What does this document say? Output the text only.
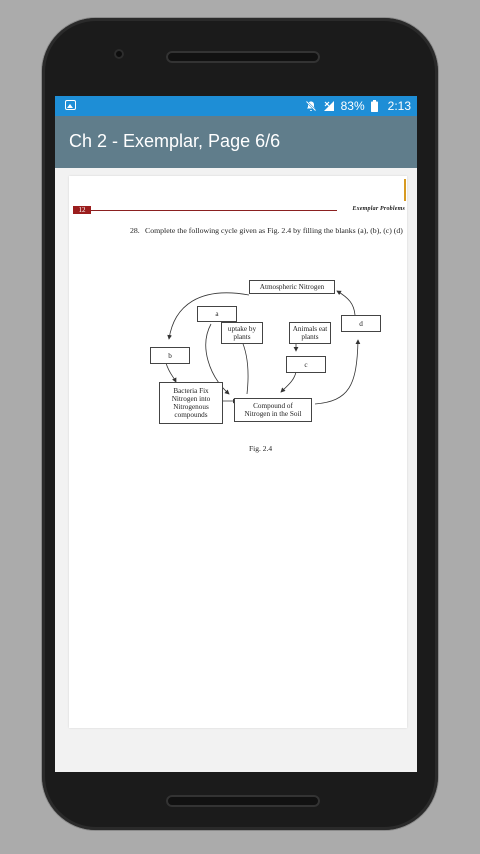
83% 2:13
Ch 2 - Exemplar, Page 6/6
12	Exemplar Problems
28. Complete the following cycle given as Fig. 2.4 by filling the blanks (a), (b), (c) (d)
Atmospheric Nitrogen
a
d
uptake by plants
Animals eat plants
b
c
Bacteria Fix Nitrogen into Nitrogenous compounds
Compound of Nitrogen in the Soil
Fig. 2.4
